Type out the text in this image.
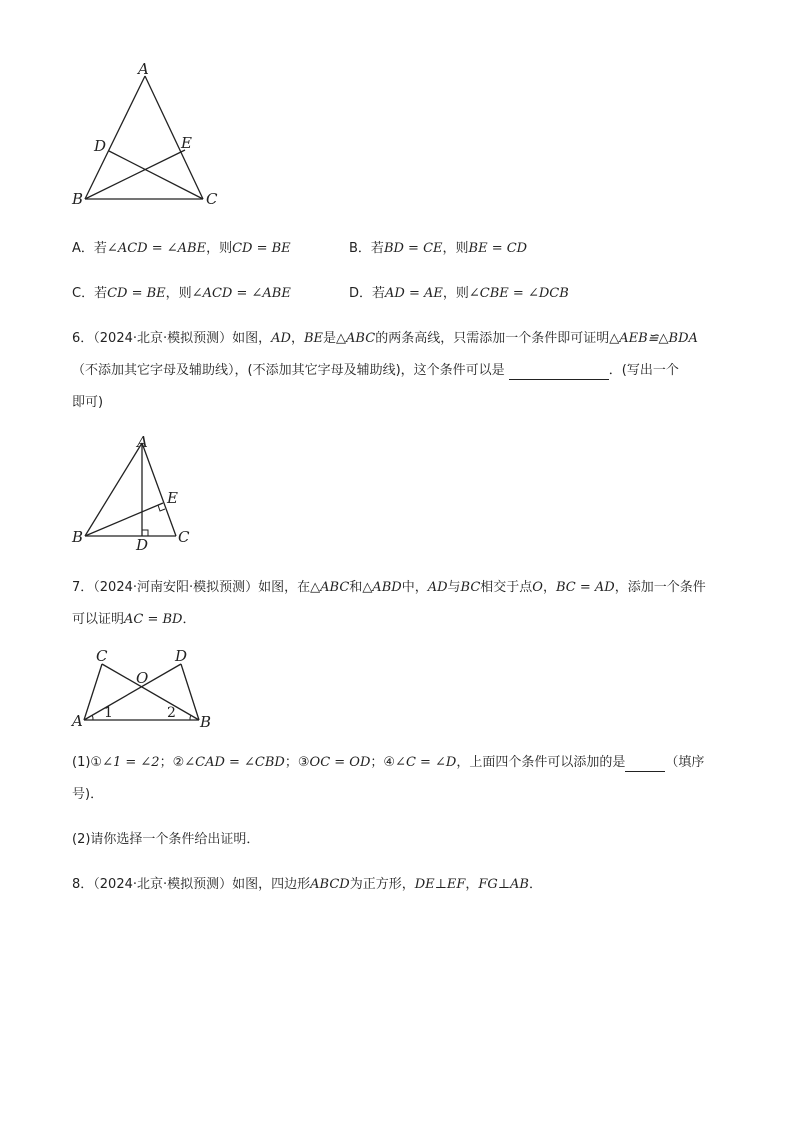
A
B	C
D	E
A．若∠ACD = ∠ABE，则CD = BE	B．若BD = CE，则BE = CD
C．若CD = BE，则∠ACD = ∠ABE	D．若AD = AE，则∠CBE = ∠DCB
6．（2024·北京·模拟预测）如图，AD，BE是△ABC的两条高线，只需添加一个条件即可证明△AEB≌△BDA
（不添加其它字母及辅助线），(不添加其它字母及辅助线)，这个条件可以是	．(写出一个
即可)
A
B	C
D
E
7．（2024·河南安阳·模拟预测）如图，在△ABC和△ABD中，AD与BC相交于点O，BC = AD，添加一个条件
可以证明AC = BD．
A	B
C	D
O
1	2
(1)①∠1 = ∠2；②∠CAD = ∠CBD；③OC = OD；④∠C = ∠D，上面四个条件可以添加的是	（填序
号)．
(2)请你选择一个条件给出证明．
8．（2024·北京·模拟预测）如图，四边形ABCD为正方形，DE⊥EF，FG⊥AB．
